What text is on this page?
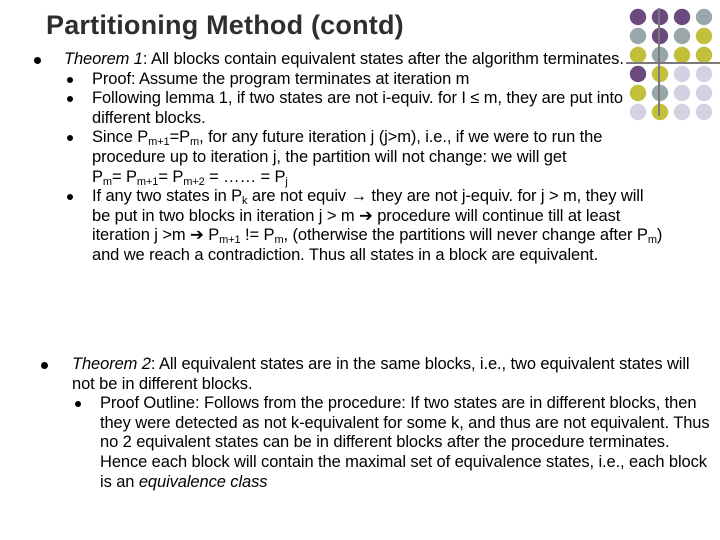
Partitioning Method (contd)
Theorem 1: All blocks contain equivalent states after the algorithm terminates.
Proof: Assume the program terminates at iteration m
Following lemma 1, if two states are not i-equiv. for I ≤ m, they are put into different blocks.
Since $P_{m+1}=P_m$, for any future iteration j (j>m), i.e., if we were to run the procedure up to iteration j, the partition will not change: we will get
$P_m= P_{m+1}= P_{m+2}$ = …… = $P_j$
If any two states in $P_k$ are not equiv → they are not j-equiv. for j > m, they will be put in two blocks in iteration j > m ➔ procedure will continue till at least iteration j >m ➔ $P_{m+1}$ != $P_m$, (otherwise the partitions will never change after $P_m$) and we reach a contradiction. Thus all states in a block are equivalent.
Theorem 2: All equivalent states are in the same blocks, i.e., two equivalent states will not be in different blocks.
Proof Outline: Follows from the procedure: If two states are in different blocks, then they were detected as not k-equivalent for some k, and thus are not equivalent. Thus no 2 equivalent states can be in different blocks after the procedure terminates. Hence each block will contain the maximal set of equivalence states, i.e., each block is an equivalence class
